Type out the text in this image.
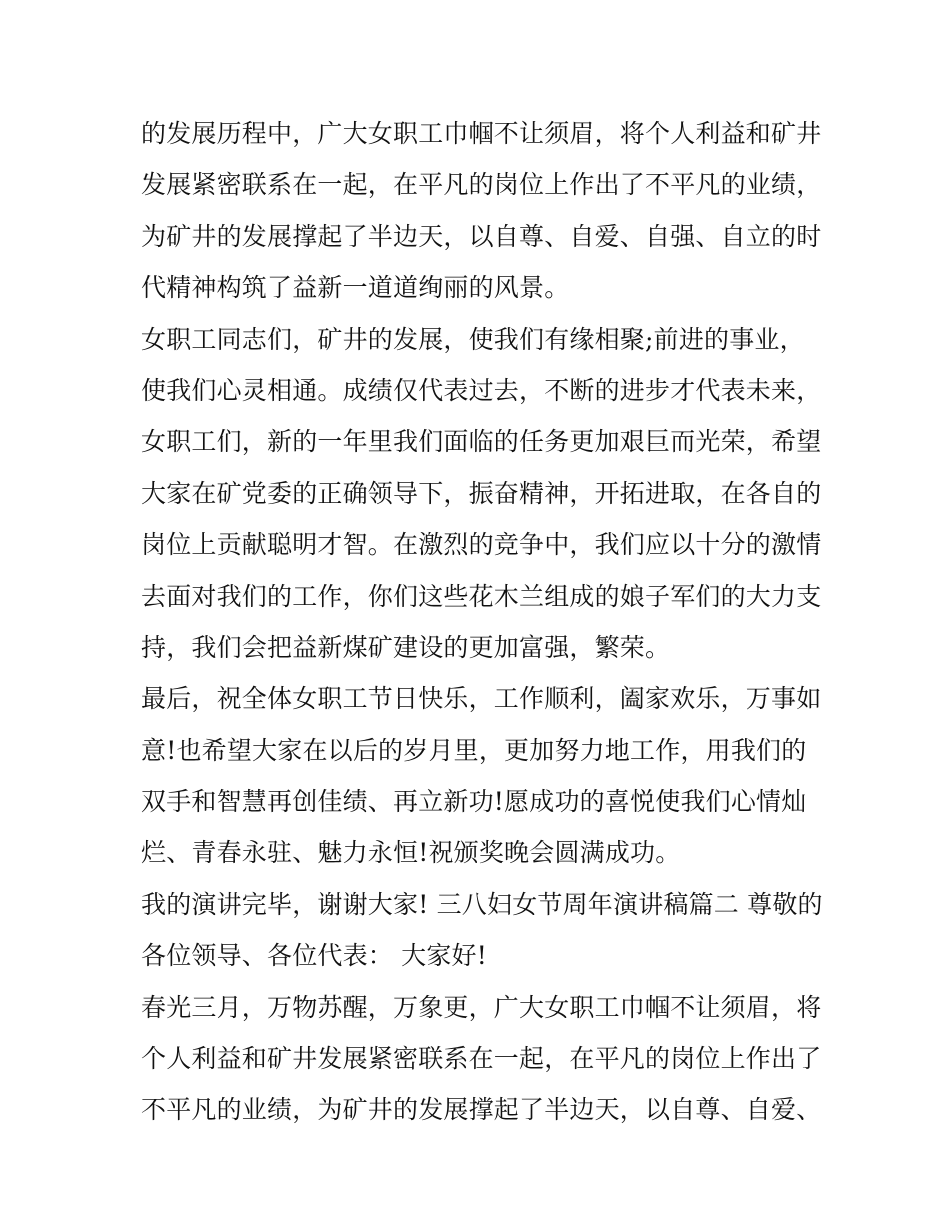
的发展历程中，广大女职工巾帼不让须眉，将个人利益和矿井
发展紧密联系在一起，在平凡的岗位上作出了不平凡的业绩，
为矿井的发展撑起了半边天，以自尊、自爱、自强、自立的时
代精神构筑了益新一道道绚丽的风景。
女职工同志们，矿井的发展，使我们有缘相聚;前进的事业，
使我们心灵相通。成绩仅代表过去，不断的进步才代表未来，
女职工们，新的一年里我们面临的任务更加艰巨而光荣，希望
大家在矿党委的正确领导下，振奋精神，开拓进取，在各自的
岗位上贡献聪明才智。在激烈的竞争中，我们应以十分的激情
去面对我们的工作，你们这些花木兰组成的娘子军们的大力支
持，我们会把益新煤矿建设的更加富强，繁荣。
最后，祝全体女职工节日快乐，工作顺利，阖家欢乐，万事如
意!也希望大家在以后的岁月里，更加努力地工作，用我们的
双手和智慧再创佳绩、再立新功!愿成功的喜悦使我们心情灿
烂、青春永驻、魅力永恒!祝颁奖晚会圆满成功。
我的演讲完毕，谢谢大家! 三八妇女节周年演讲稿篇二 尊敬的
各位领导、各位代表： 大家好!
春光三月，万物苏醒，万象更，广大女职工巾帼不让须眉，将
个人利益和矿井发展紧密联系在一起，在平凡的岗位上作出了
不平凡的业绩，为矿井的发展撑起了半边天，以自尊、自爱、
